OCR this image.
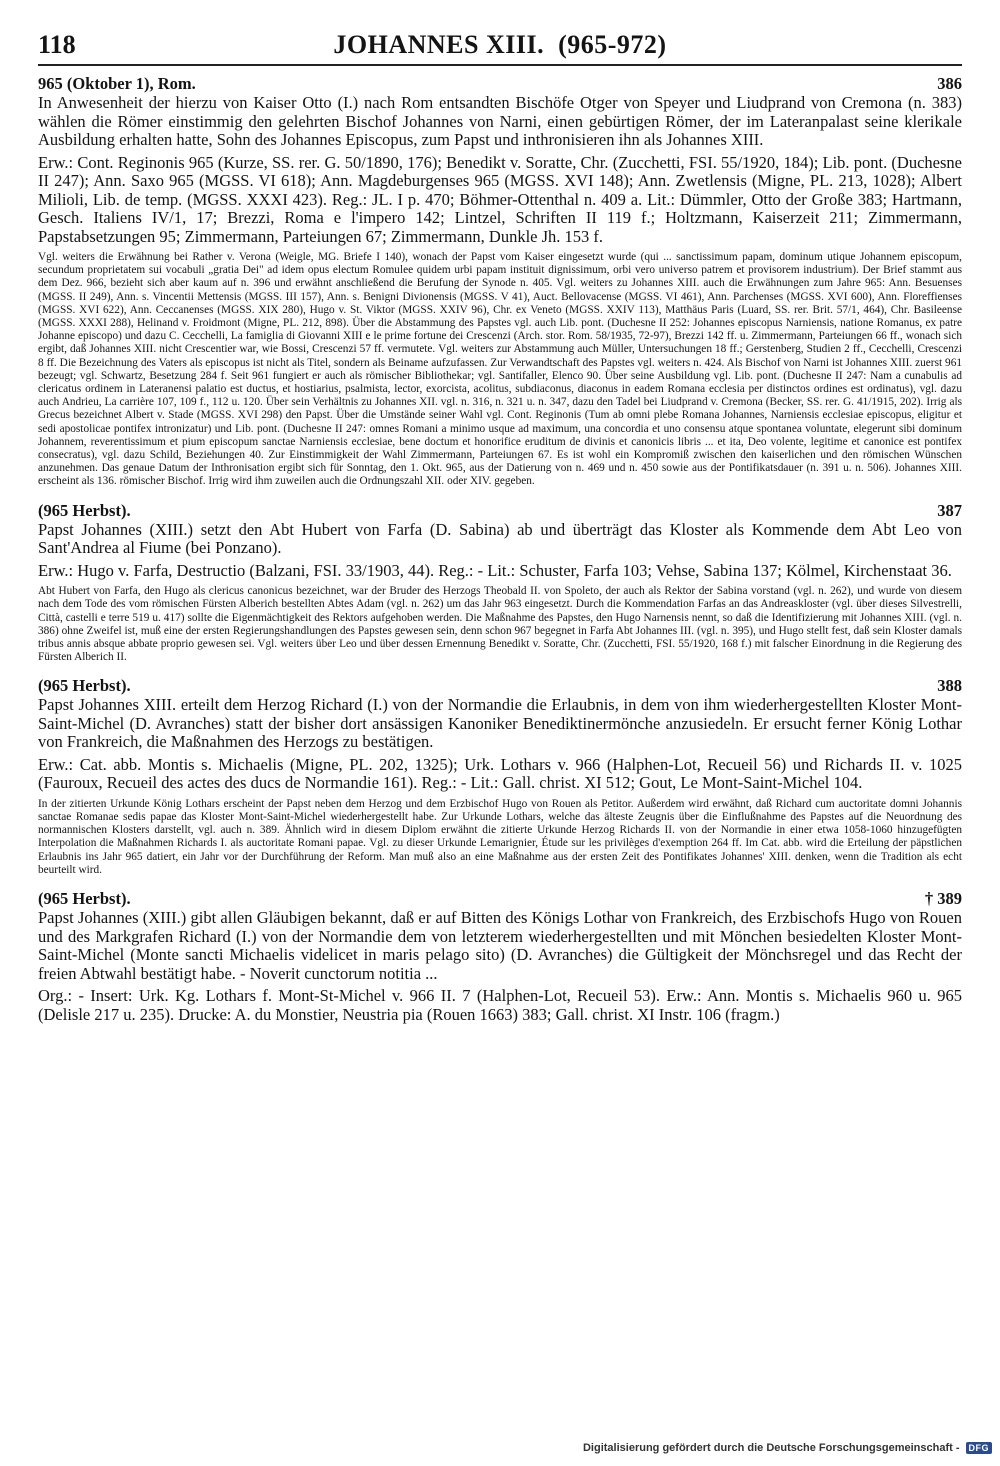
118	JOHANNES XIII. (965-972)
965 (Oktober 1), Rom.	386

In Anwesenheit der hierzu von Kaiser Otto (I.) nach Rom entsandten Bischöfe Otger von Speyer und Liudprand von Cremona (n. 383) wählen die Römer einstimmig den gelehrten Bischof Johannes von Narni, einen gebürtigen Römer, der im Lateranpalast seine klerikale Ausbildung erhalten hatte, Sohn des Johannes Episcopus, zum Papst und inthronisieren ihn als Johannes XIII.

Erw.: Cont. Reginonis 965 (Kurze, SS. rer. G. 50/1890, 176); Benedikt v. Soratte, Chr. (Zucchetti, FSI. 55/1920, 184); Lib. pont. (Duchesne II 247); Ann. Saxo 965 (MGSS. VI 618); Ann. Magdeburgenses 965 (MGSS. XVI 148); Ann. Zwetlensis (Migne, PL. 213, 1028); Albert Milioli, Lib. de temp. (MGSS. XXXI 423). Reg.: JL. I p. 470; Böhmer-Ottenthal n. 409 a. Lit.: Dümmler, Otto der Große 383; Hartmann, Gesch. Italiens IV/1, 17; Brezzi, Roma e l'impero 142; Lintzel, Schriften II 119 f.; Holtzmann, Kaiserzeit 211; Zimmermann, Papstabsetzungen 95; Zimmermann, Parteiungen 67; Zimmermann, Dunkle Jh. 153 f.

Vgl. weiters die Erwähnung bei Rather v. Verona (Weigle, MG. Briefe I 140), wonach der Papst vom Kaiser eingesetzt wurde (qui ... sanctissimum papam, dominum utique Johannem episcopum, secundum proprietatem sui vocabuli „gratia Dei" ad idem opus electum Romulee quidem urbi papam instituit dignissimum, orbi vero universo patrem et provisorem industrium). Der Brief stammt aus dem Dez. 966, bezieht sich aber kaum auf n. 396 und erwähnt anschließend die Berufung der Synode n. 405. Vgl. weiters zu Johannes XIII. auch die Erwähnungen zum Jahre 965: Ann. Besuenses (MGSS. II 249), Ann. s. Vincentii Mettensis (MGSS. III 157), Ann. s. Benigni Divionensis (MGSS. V 41), Auct. Bellovacense (MGSS. VI 461), Ann. Parchenses (MGSS. XVI 600), Ann. Floreffienses (MGSS. XVI 622), Ann. Ceccanenses (MGSS. XIX 280), Hugo v. St. Viktor (MGSS. XXIV 96), Chr. ex Veneto (MGSS. XXIV 113), Matthäus Paris (Luard, SS. rer. Brit. 57/1, 464), Chr. Basileense (MGSS. XXXI 288), Helinand v. Froidmont (Migne, PL. 212, 898). Über die Abstammung des Papstes vgl. auch Lib. pont. (Duchesne II 252: Johannes episcopus Narniensis, natione Romanus, ex patre Johanne episcopo) und dazu C. Cecchelli, La famiglia di Giovanni XIII e le prime fortune dei Crescenzi (Arch. stor. Rom. 58/1935, 72-97), Brezzi 142 ff. u. Zimmermann, Parteiungen 66 ff., wonach sich ergibt, daß Johannes XIII. nicht Crescentier war, wie Bossi, Crescenzi 57 ff. vermutete. Vgl. weiters zur Abstammung auch Müller, Untersuchungen 18 ff.; Gerstenberg, Studien 2 ff., Cecchelli, Crescenzi 8 ff. Die Bezeichnung des Vaters als episcopus ist nicht als Titel, sondern als Beiname aufzufassen. Zur Verwandtschaft des Papstes vgl. weiters n. 424. Als Bischof von Narni ist Johannes XIII. zuerst 961 bezeugt; vgl. Schwartz, Besetzung 284 f. Seit 961 fungiert er auch als römischer Bibliothekar; vgl. Santifaller, Elenco 90. Über seine Ausbildung vgl. Lib. pont. (Duchesne II 247: Nam a cunabulis ad clericatus ordinem in Lateranensi palatio est ductus, et hostiarius, psalmista, lector, exorcista, acolitus, subdiaconus, diaconus in eadem Romana ecclesia per distinctos ordines est ordinatus), vgl. dazu auch Andrieu, La carrière 107, 109 f., 112 u. 120. Über sein Verhältnis zu Johannes XII. vgl. n. 316, n. 321 u. n. 347, dazu den Tadel bei Liudprand v. Cremona (Becker, SS. rer. G. 41/1915, 202). Irrig als Grecus bezeichnet Albert v. Stade (MGSS. XVI 298) den Papst. Über die Umstände seiner Wahl vgl. Cont. Reginonis (Tum ab omni plebe Romana Johannes, Narniensis ecclesiae episcopus, eligitur et sedi apostolicae pontifex intronizatur) und Lib. pont. (Duchesne II 247: omnes Romani a minimo usque ad maximum, una concordia et uno consensu atque spontanea voluntate, elegerunt sibi dominum Johannem, reverentissimum et pium episcopum sanctae Narniensis ecclesiae, bene doctum et honorifice eruditum de divinis et canonicis libris ... et ita, Deo volente, legitime et canonice est pontifex consecratus), vgl. dazu Schild, Beziehungen 40. Zur Einstimmigkeit der Wahl Zimmermann, Parteiungen 67. Es ist wohl ein Kompromiß zwischen den kaiserlichen und den römischen Wünschen anzunehmen. Das genaue Datum der Inthronisation ergibt sich für Sonntag, den 1. Okt. 965, aus der Datierung von n. 469 und n. 450 sowie aus der Pontifikatsdauer (n. 391 u. n. 506). Johannes XIII. erscheint als 136. römischer Bischof. Irrig wird ihm zuweilen auch die Ordnungszahl XII. oder XIV. gegeben.

(965 Herbst).	387

Papst Johannes (XIII.) setzt den Abt Hubert von Farfa (D. Sabina) ab und überträgt das Kloster als Kommende dem Abt Leo von Sant'Andrea al Fiume (bei Ponzano).

Erw.: Hugo v. Farfa, Destructio (Balzani, FSI. 33/1903, 44). Reg.: - Lit.: Schuster, Farfa 103; Vehse, Sabina 137; Kölmel, Kirchenstaat 36.

Abt Hubert von Farfa, den Hugo als clericus canonicus bezeichnet, war der Bruder des Herzogs Theobald II. von Spoleto, der auch als Rektor der Sabina vorstand (vgl. n. 262), und wurde von diesem nach dem Tode des vom römischen Fürsten Alberich bestellten Abtes Adam (vgl. n. 262) um das Jahr 963 eingesetzt. Durch die Kommendation Farfas an das Andreaskloster (vgl. über dieses Silvestrelli, Città, castelli e terre 519 u. 417) sollte die Eigenmächtigkeit des Rektors aufgehoben werden. Die Maßnahme des Papstes, den Hugo Narnensis nennt, so daß die Identifizierung mit Johannes XIII. (vgl. n. 386) ohne Zweifel ist, muß eine der ersten Regierungshandlungen des Papstes gewesen sein, denn schon 967 begegnet in Farfa Abt Johannes III. (vgl. n. 395), und Hugo stellt fest, daß sein Kloster damals tribus annis absque abbate proprio gewesen sei. Vgl. weiters über Leo und über dessen Ernennung Benedikt v. Soratte, Chr. (Zucchetti, FSI. 55/1920, 168 f.) mit falscher Einordnung in die Regierung des Fürsten Alberich II.

(965 Herbst).	388

Papst Johannes XIII. erteilt dem Herzog Richard (I.) von der Normandie die Erlaubnis, in dem von ihm wiederhergestellten Kloster Mont-Saint-Michel (D. Avranches) statt der bisher dort ansässigen Kanoniker Benediktinermönche anzusiedeln. Er ersucht ferner König Lothar von Frankreich, die Maßnahmen des Herzogs zu bestätigen.

Erw.: Cat. abb. Montis s. Michaelis (Migne, PL. 202, 1325); Urk. Lothars v. 966 (Halphen-Lot, Recueil 56) und Richards II. v. 1025 (Fauroux, Recueil des actes des ducs de Normandie 161). Reg.: - Lit.: Gall. christ. XI 512; Gout, Le Mont-Saint-Michel 104.

In der zitierten Urkunde König Lothars erscheint der Papst neben dem Herzog und dem Erzbischof Hugo von Rouen als Petitor. Außerdem wird erwähnt, daß Richard cum auctoritate domni Johannis sanctae Romanae sedis papae das Kloster Mont-Saint-Michel wiederhergestellt habe. Zur Urkunde Lothars, welche das älteste Zeugnis über die Einflußnahme des Papstes auf die Neuordnung des normannischen Klosters darstellt, vgl. auch n. 389. Ähnlich wird in diesem Diplom erwähnt die zitierte Urkunde Herzog Richards II. von der Normandie in einer etwa 1058-1060 hinzugefügten Interpolation die Maßnahmen Richards I. als auctoritate Romani papae. Vgl. zu dieser Urkunde Lemarignier, Étude sur les privilèges d'exemption 264 ff. Im Cat. abb. wird die Erteilung der päpstlichen Erlaubnis ins Jahr 965 datiert, ein Jahr vor der Durchführung der Reform. Man muß also an eine Maßnahme aus der ersten Zeit des Pontifikates Johannes' XIII. denken, wenn die Tradition als echt beurteilt wird.

(965 Herbst).	† 389

Papst Johannes (XIII.) gibt allen Gläubigen bekannt, daß er auf Bitten des Königs Lothar von Frankreich, des Erzbischofs Hugo von Rouen und des Markgrafen Richard (I.) von der Normandie dem von letzterem wiederhergestellten und mit Mönchen besiedelten Kloster Mont-Saint-Michel (Monte sancti Michaelis videlicet in maris pelago sito) (D. Avranches) die Gültigkeit der Mönchsregel und das Recht der freien Abtwahl bestätigt habe. - Noverit cunctorum notitia ...

Org.: - Insert: Urk. Kg. Lothars f. Mont-St-Michel v. 966 II. 7 (Halphen-Lot, Recueil 53). Erw.: Ann. Montis s. Michaelis 960 u. 965 (Delisle 217 u. 235). Drucke: A. du Monstier, Neustria pia (Rouen 1663) 383; Gall. christ. XI Instr. 106 (fragm.)

Digitalisierung gefördert durch die Deutsche Forschungsgemeinschaft -	DFG
